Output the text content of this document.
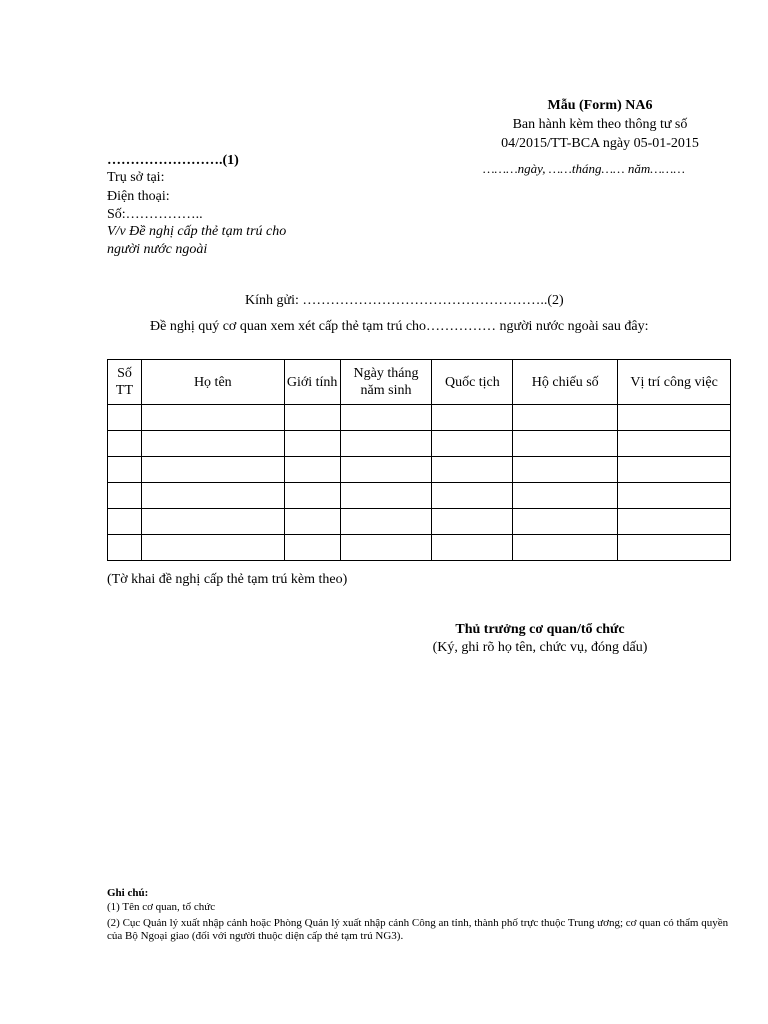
Mẫu (Form) NA6
Ban hành kèm theo thông tư số
04/2015/TT-BCA ngày 05-01-2015
………ngày, ……tháng…… năm………
…………………….(1)
Trụ sở tại:
Điện thoại:
Số:……………..
V/v Đề nghị cấp thẻ tạm trú cho
người nước ngoài
Kính gửi: ……………………………………………..(2)
Đề nghị quý cơ quan xem xét cấp thẻ tạm trú cho…………… người nước ngoài sau đây:
Số TT	Họ tên	Giới tính	Ngày tháng năm sinh	Quốc tịch	Hộ chiếu số	Vị trí công việc

(Tờ khai đề nghị cấp thẻ tạm trú kèm theo)
Thủ trưởng cơ quan/tổ chức
(Ký, ghi rõ họ tên, chức vụ, đóng dấu)
Ghi chú:
(1) Tên cơ quan, tổ chức
(2) Cục Quản lý xuất nhập cảnh hoặc Phòng Quản lý xuất nhập cảnh Công an tỉnh, thành phố trực thuộc Trung ương; cơ quan có thẩm quyền của Bộ Ngoại giao (đối với người thuộc diện cấp thẻ tạm trú NG3).
